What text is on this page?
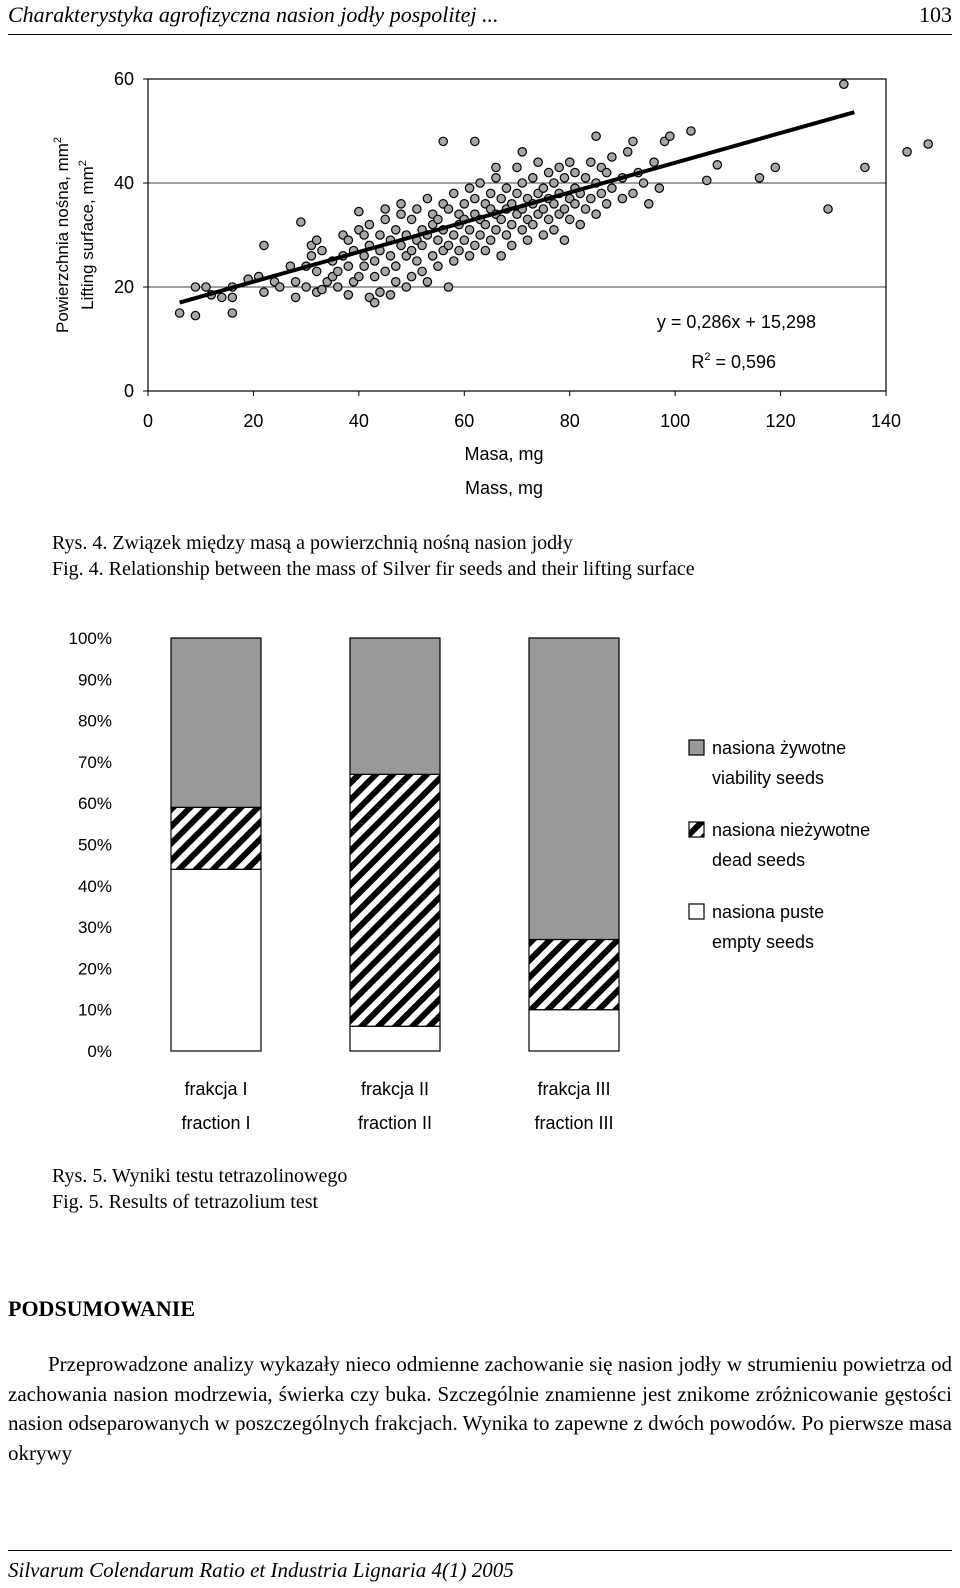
Charakterystyka agrofizyczna nasion jodły pospolitej ...	103
0
20
40
60
0	20	40	60	80	100	120	140
Powierzchnia nośna, $mm^2$
Lifting surface, $mm^2$
Masa, mg
Mass, mg
y = 0,286x + 15,298
$R^2 = 0,596$
Rys. 4. Związek między masą a powierzchnią nośną nasion jodły
Fig. 4. Relationship between the mass of Silver fir seeds and their lifting surface
0%
10%
20%
30%
40%
50%
60%
70%
80%
90%
100%
frakcja I
fraction I
frakcja II
fraction II
frakcja III
fraction III
nasiona żywotne
viability seeds
nasiona nieżywotne
dead seeds
nasiona puste
empty seeds
Rys. 5. Wyniki testu tetrazolinowego
Fig. 5. Results of tetrazolium test
PODSUMOWANIE

Przeprowadzone analizy wykazały nieco odmienne zachowanie się nasion jodły w strumieniu powietrza od zachowania nasion modrzewia, świerka czy buka. Szczególnie znamienne jest znikome zróżnicowanie gęstości nasion odseparowanych w poszczególnych frakcjach. Wynika to zapewne z dwóch powodów. Po pierwsze masa okrywy

Silvarum Colendarum Ratio et Industria Lignaria 4(1) 2005
